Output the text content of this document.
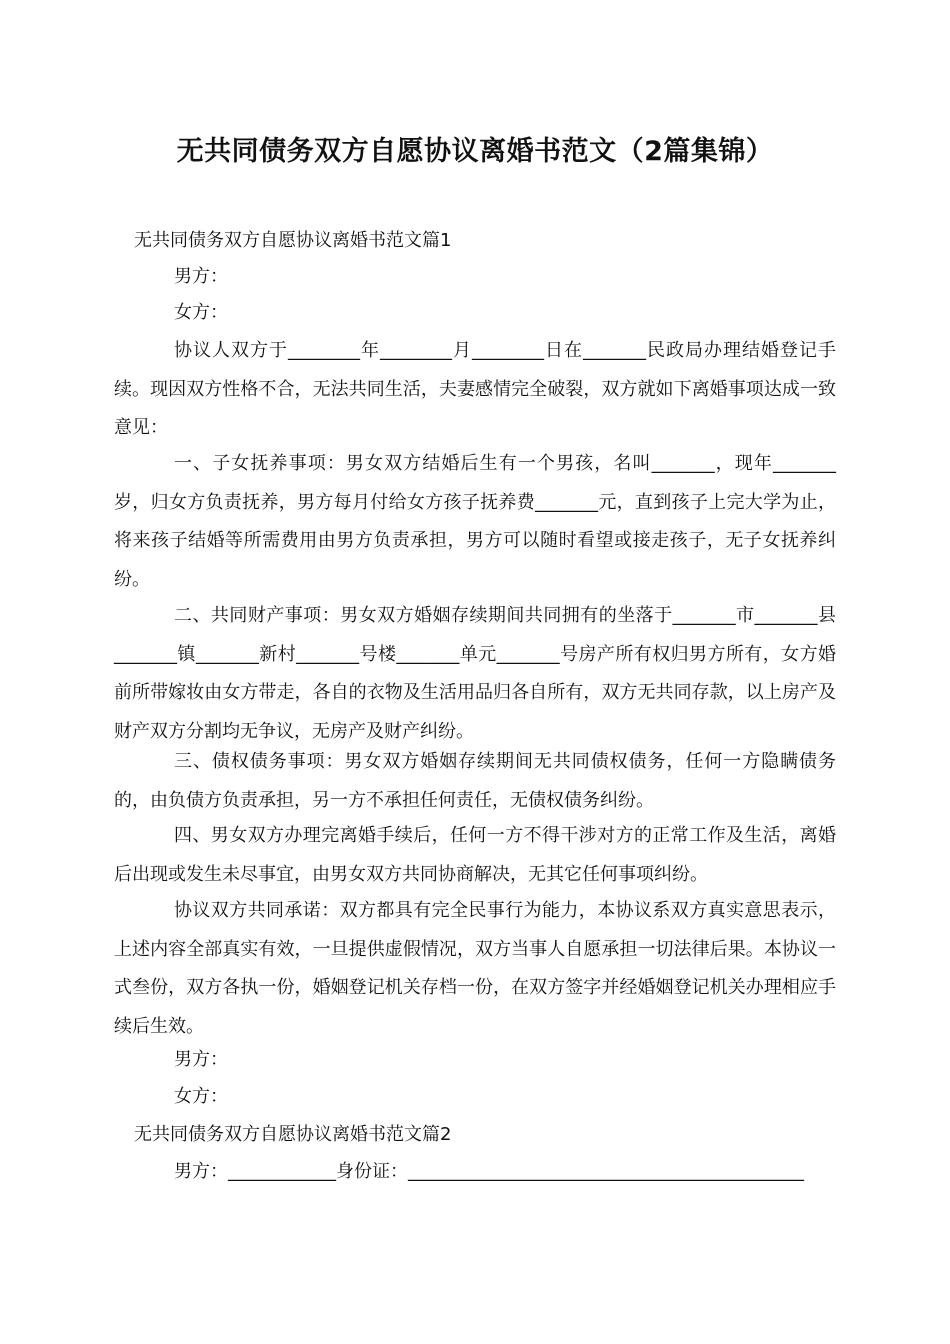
无共同债务双方自愿协议离婚书范文（2篇集锦）
无共同债务双方自愿协议离婚书范文篇1
男方：
女方：
协议人双方于________年________月________日在_______民政局办理结婚登记手续。现因双方性格不合，无法共同生活，夫妻感情完全破裂，双方就如下离婚事项达成一致意见：
一、子女抚养事项：男女双方结婚后生有一个男孩，名叫_______，现年_______岁，归女方负责抚养，男方每月付给女方孩子抚养费_______元，直到孩子上完大学为止，将来孩子结婚等所需费用由男方负责承担，男方可以随时看望或接走孩子，无子女抚养纠纷。
二、共同财产事项：男女双方婚姻存续期间共同拥有的坐落于_______市_______县_______镇_______新村_______号楼_______单元_______号房产所有权归男方所有，女方婚前所带嫁妆由女方带走，各自的衣物及生活用品归各自所有，双方无共同存款，以上房产及财产双方分割均无争议，无房产及财产纠纷。
三、债权债务事项：男女双方婚姻存续期间无共同债权债务，任何一方隐瞒债务的，由负债方负责承担，另一方不承担任何责任，无债权债务纠纷。
四、男女双方办理完离婚手续后，任何一方不得干涉对方的正常工作及生活，离婚后出现或发生未尽事宜，由男女双方共同协商解决，无其它任何事项纠纷。
协议双方共同承诺：双方都具有完全民事行为能力，本协议系双方真实意思表示，上述内容全部真实有效，一旦提供虚假情况，双方当事人自愿承担一切法律后果。本协议一式叁份，双方各执一份，婚姻登记机关存档一份，在双方签字并经婚姻登记机关办理相应手续后生效。
男方：
女方：
无共同债务双方自愿协议离婚书范文篇2
男方：____________身份证：____________________________________________
